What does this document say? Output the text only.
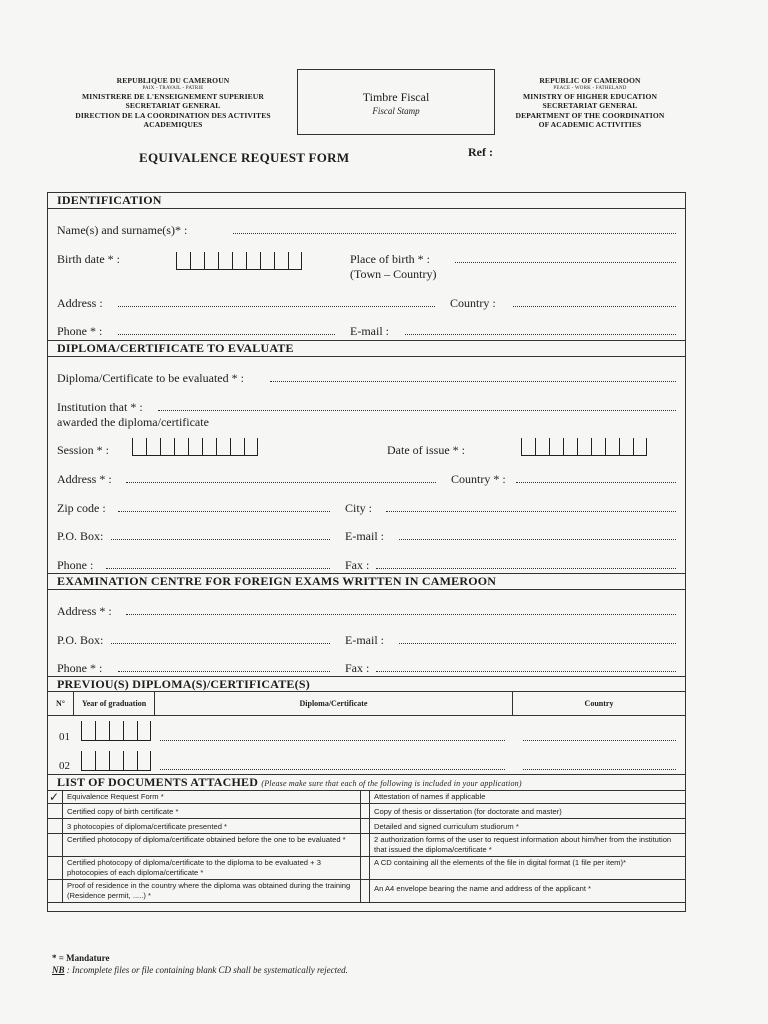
REPUBLIQUE DU CAMEROUN
PAIX - TRAVAIL - PATRIE
MINISTRERE DE L'ENSEIGNEMENT SUPERIEUR
SECRETARIAT GENERAL
DIRECTION DE LA COORDINATION DES ACTIVITES
ACADEMIQUES
Timbre Fiscal
Fiscal Stamp
REPUBLIC OF CAMEROON
PEACE - WORK - FATHELAND
MINISTRY OF HIGHER EDUCATION
SECRETARIAT GENERAL
DEPARTMENT OF THE COORDINATION
OF ACADEMIC ACTIVITIES
EQUIVALENCE REQUEST FORM	Ref :
IDENTIFICATION
Name(s) and surname(s)* :
Birth date * :	Place of birth * :
(Town – Country)
Address :	Country :
Phone * :	E-mail :
DIPLOMA/CERTIFICATE TO EVALUATE
Diploma/Certificate to be evaluated * :
Institution that * :
awarded the diploma/certificate
Session * :	Date of issue * :
Address * :	Country * :
Zip code :	City :
P.O. Box:	E-mail :
Phone :	Fax :
EXAMINATION CENTRE FOR FOREIGN EXAMS WRITTEN IN CAMEROON
Address * :
P.O. Box:	E-mail :
Phone * :	Fax :
PREVIOU(S) DIPLOMA(S)/CERTIFICATE(S)
N°	Year of graduation	Diploma/Certificate	Country
01
02
LIST OF DOCUMENTS ATTACHED (Please make sure that each of the following is included in your application)
✓	Equivalence Request Form *		Attestation of names if applicable
	Certified copy of birth certificate *		Copy of thesis or dissertation (for doctorate and master)
	3 photocopies of diploma/certificate presented *		Detailed and signed curriculum studiorum *
	Certified photocopy of diploma/certificate obtained before the one to be evaluated *		2 authorization forms of the user to request information about him/her from the institution that issued the diploma/certificate *
	Certified photocopy of diploma/certificate to the diploma to be evaluated + 3 photocopies of each diploma/certificate *		A CD containing all the elements of the file in digital format (1 file per item)*
	Proof of residence in the country where the diploma was obtained during the training (Residence permit, .....) *		An A4 envelope bearing the name and address of the applicant *
* = Mandature
NB : Incomplete files or file containing blank CD shall be systematically rejected.
